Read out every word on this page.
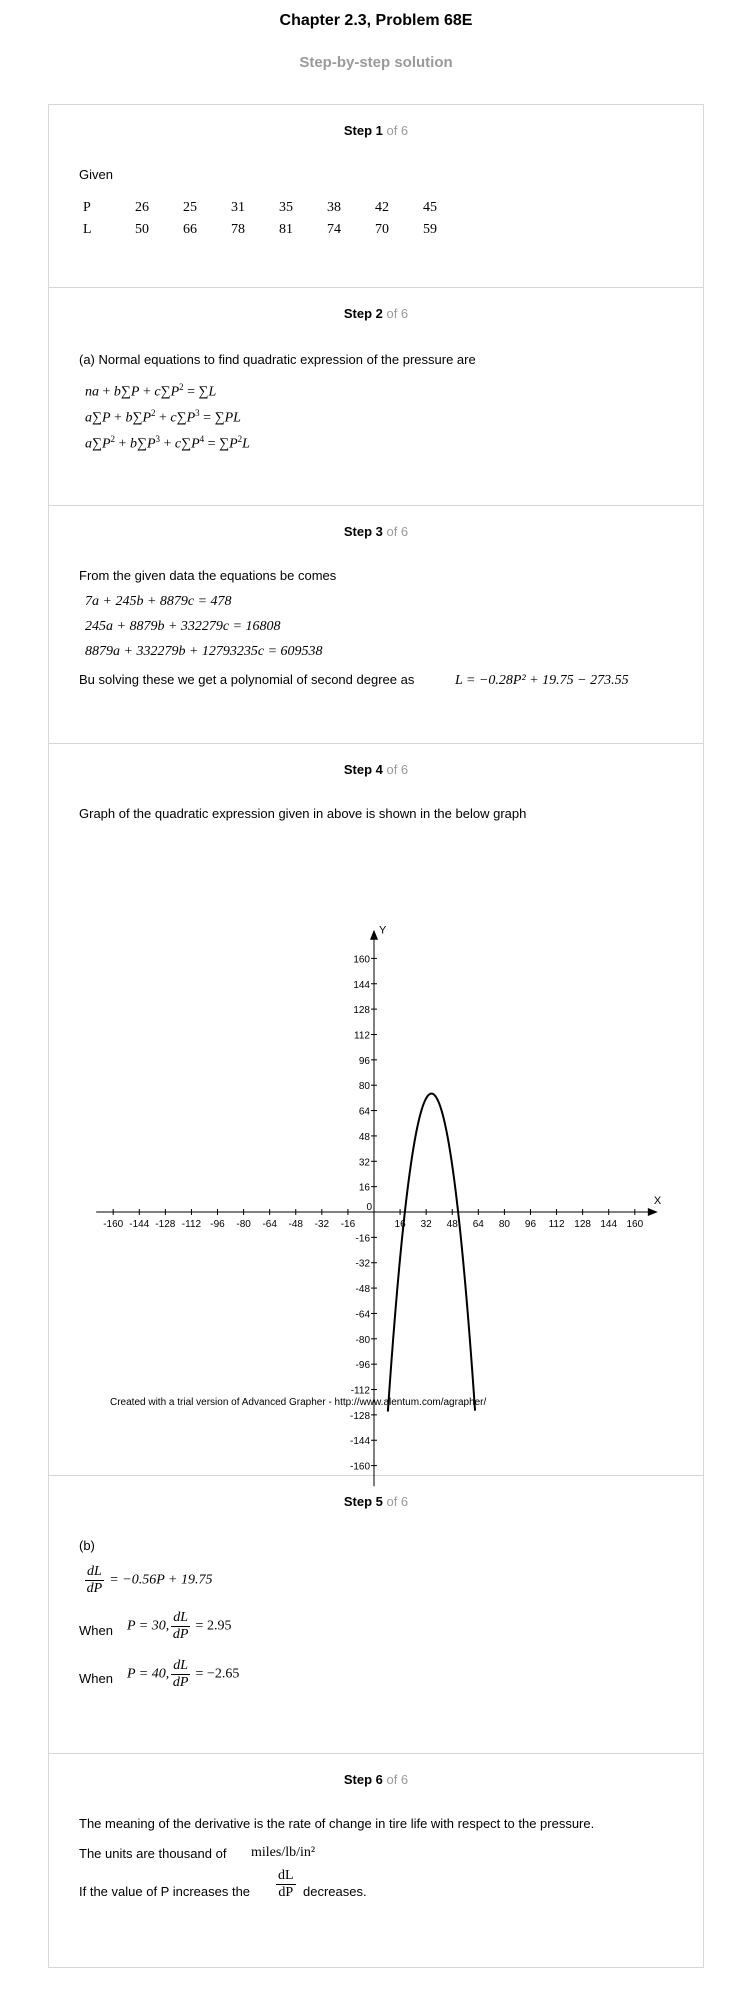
Chapter 2.3, Problem 68E
Step-by-step solution
Step 1 of 6
Given
P	26	25	31	35	38	42	45
L	50	66	78	81	74	70	59
Step 2 of 6
(a) Normal equations to find quadratic expression of the pressure are
na + $b\sum P + c\sum P^2 = \sum L$
$a\sum P + b\sum P^2 + c\sum P^3 = \sum PL$
$a\sum P^2 + b\sum P^3 + c\sum P^4 = \sum P^2L$
Step 3 of 6
From the given data the equations be comes
7a + 245b + 8879c = 478
245a + 8879b + 332279c = 16808
8879a + 332279b + 12793235c = 609538
Bu solving these we get a polynomial of second degree as	L = −0.28P² + 19.75 − 273.55
Step 4 of 6
Graph of the quadratic expression given in above is shown in the below graph
X
Y
-160 -144 -128 -112 -96 -80 -64 -48 -32 -16
0
16 32 48 64 80 96 112 128 144 160
-160
-144
-128
-112
-96
-80
-64
-48
-32
-16
16
32
48
64
80
96
112
128
144
160
Created with a trial version of Advanced Grapher - http://www.alentum.com/agrapher/
Step 5 of 6
(b)
$\frac{dL}{dP} = -0.56P + 19.75$
When P = 30, $\frac{dL}{dP} = 2.95$
When P = 40, $\frac{dL}{dP} = -2.65$
Step 6 of 6
The meaning of the derivative is the rate of change in tire life with respect to the pressure.
The units are thousand of miles/lb/in²
If the value of P increases the $\frac{dL}{dP}$ decreases.
